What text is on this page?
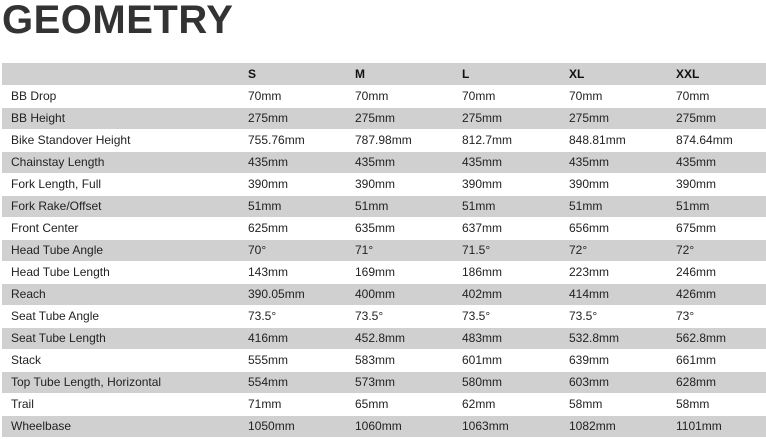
GEOMETRY
	S	M	L	XL	XXL
BB Drop	70mm	70mm	70mm	70mm	70mm
BB Height	275mm	275mm	275mm	275mm	275mm
Bike Standover Height	755.76mm	787.98mm	812.7mm	848.81mm	874.64mm
Chainstay Length	435mm	435mm	435mm	435mm	435mm
Fork Length, Full	390mm	390mm	390mm	390mm	390mm
Fork Rake/Offset	51mm	51mm	51mm	51mm	51mm
Front Center	625mm	635mm	637mm	656mm	675mm
Head Tube Angle	70°	71°	71.5°	72°	72°
Head Tube Length	143mm	169mm	186mm	223mm	246mm
Reach	390.05mm	400mm	402mm	414mm	426mm
Seat Tube Angle	73.5°	73.5°	73.5°	73.5°	73°
Seat Tube Length	416mm	452.8mm	483mm	532.8mm	562.8mm
Stack	555mm	583mm	601mm	639mm	661mm
Top Tube Length, Horizontal	554mm	573mm	580mm	603mm	628mm
Trail	71mm	65mm	62mm	58mm	58mm
Wheelbase	1050mm	1060mm	1063mm	1082mm	1101mm
